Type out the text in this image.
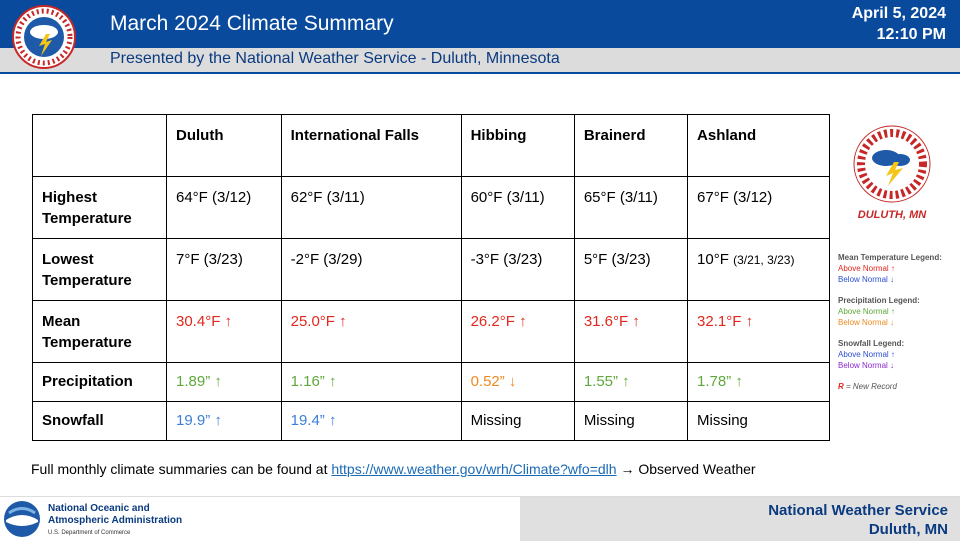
March 2024 Climate Summary	April 5, 2024
12:10 PM
Presented by the National Weather Service - Duluth, Minnesota
	Duluth	International Falls	Hibbing	Brainerd	Ashland
Highest Temperature	64°F (3/12)	62°F (3/11)	60°F (3/11)	65°F (3/11)	67°F (3/12)
Lowest Temperature	7°F (3/23)	-2°F (3/29)	-3°F (3/23)	5°F (3/23)	10°F (3/21, 3/23)
Mean Temperature	30.4°F ↑	25.0°F ↑	26.2°F ↑	31.6°F ↑	32.1°F ↑
Precipitation	1.89” ↑	1.16” ↑	0.52” ↓	1.55” ↑	1.78” ↑
Snowfall	19.9” ↑	19.4” ↑	Missing	Missing	Missing
DULUTH, MN
Mean Temperature Legend:
Above Normal ↑
Below Normal ↓
Precipitation Legend:
Above Normal ↑
Below Normal ↓
Snowfall Legend:
Above Normal ↑
Below Normal ↓
R = New Record
Full monthly climate summaries can be found at https://www.weather.gov/wrh/Climate?wfo=dlh → Observed Weather
National Oceanic and
Atmospheric Administration
U.S. Department of Commerce
National Weather Service
Duluth, MN
